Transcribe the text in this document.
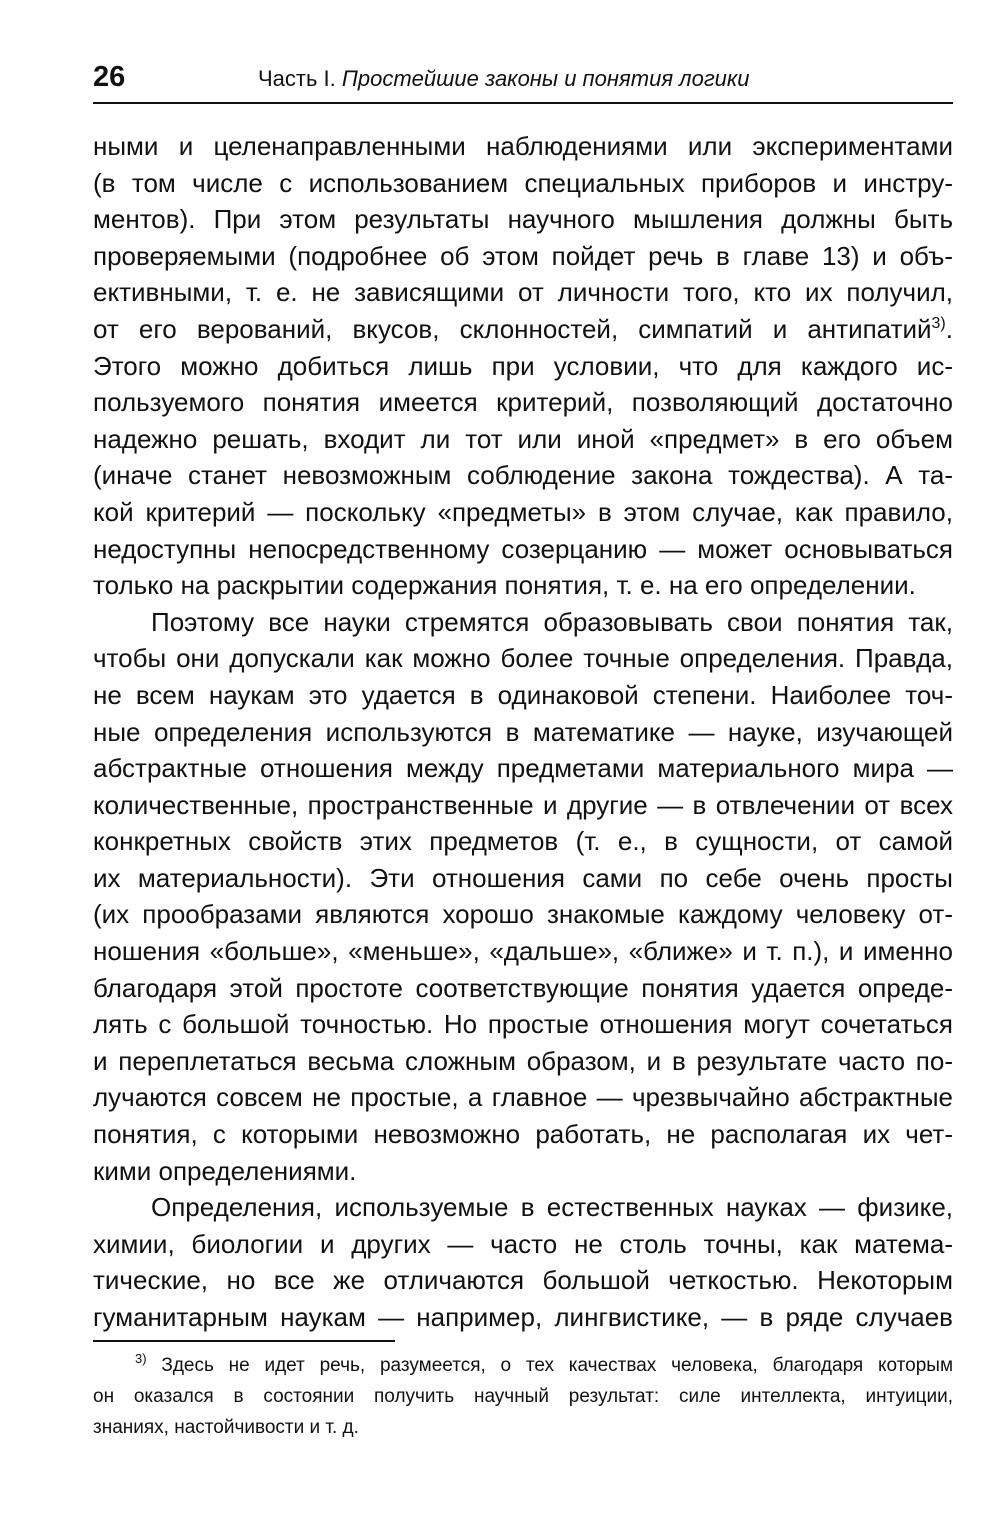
26	Часть I. Простейшие законы и понятия логики
ными и целенаправленными наблюдениями или экспериментами
(в том числе с использованием специальных приборов и инстру-
ментов). При этом результаты научного мышления должны быть
проверяемыми (подробнее об этом пойдет речь в главе 13) и объ-
ективными, т. е. не зависящими от личности того, кто их получил,
от его верований, вкусов, склонностей, симпатий и антипатий$^{3)}$.
Этого можно добиться лишь при условии, что для каждого ис-
пользуемого понятия имеется критерий, позволяющий достаточно
надежно решать, входит ли тот или иной «предмет» в его объем
(иначе станет невозможным соблюдение закона тождества). А та-
кой критерий — поскольку «предметы» в этом случае, как правило,
недоступны непосредственному созерцанию — может основываться
только на раскрытии содержания понятия, т. е. на его определении.
Поэтому все науки стремятся образовывать свои понятия так,
чтобы они допускали как можно более точные определения. Правда,
не всем наукам это удается в одинаковой степени. Наиболее точ-
ные определения используются в математике — науке, изучающей
абстрактные отношения между предметами материального мира —
количественные, пространственные и другие — в отвлечении от всех
конкретных свойств этих предметов (т. е., в сущности, от самой
их материальности). Эти отношения сами по себе очень просты
(их прообразами являются хорошо знакомые каждому человеку от-
ношения «больше», «меньше», «дальше», «ближе» и т. п.), и именно
благодаря этой простоте соответствующие понятия удается опреде-
лять с большой точностью. Но простые отношения могут сочетаться
и переплетаться весьма сложным образом, и в результате часто по-
лучаются совсем не простые, а главное — чрезвычайно абстрактные
понятия, с которыми невозможно работать, не располагая их чет-
кими определениями.
Определения, используемые в естественных науках — физике,
химии, биологии и других — часто не столь точны, как матема-
тические, но все же отличаются большой четкостью. Некоторым
гуманитарным наукам — например, лингвистике, — в ряде случаев
$^{3)}$ Здесь не идет речь, разумеется, о тех качествах человека, благодаря которым
он оказался в состоянии получить научный результат: силе интеллекта, интуиции,
знаниях, настойчивости и т. д.
